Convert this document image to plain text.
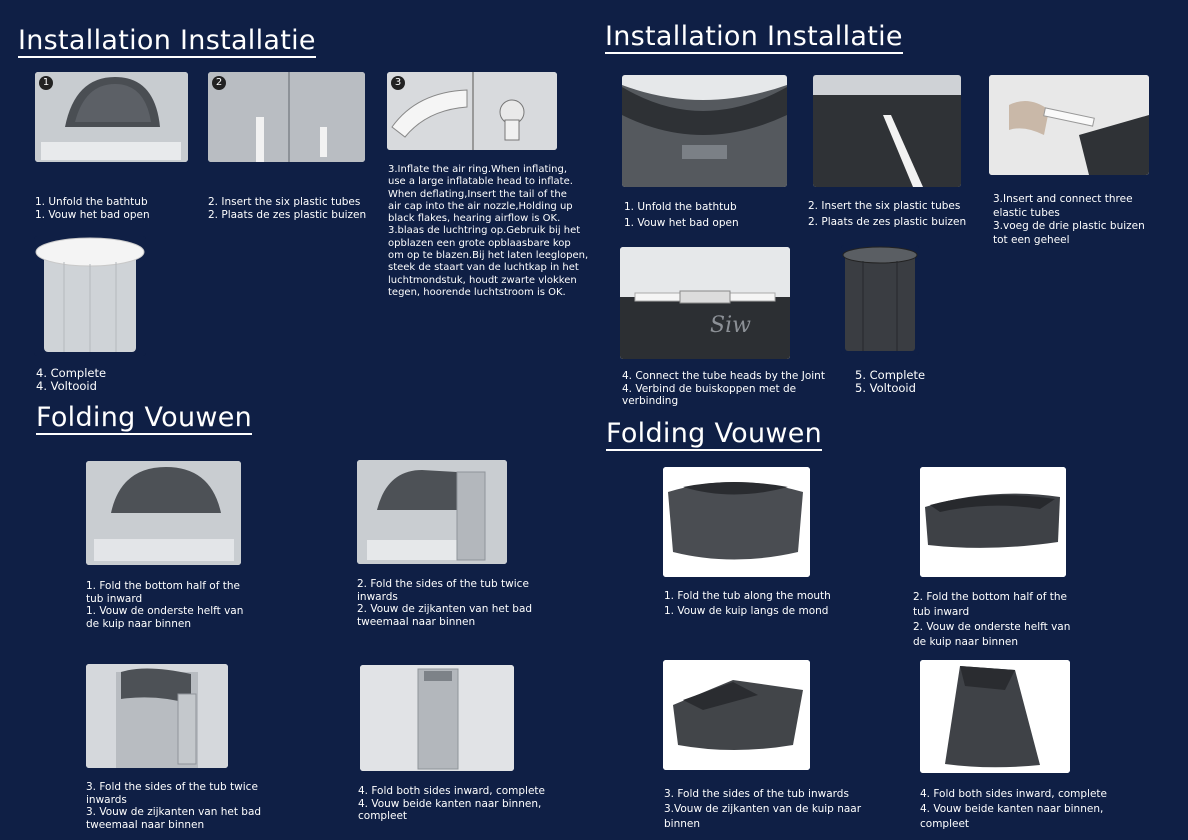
Installation Installatie
1
1. Unfold the bathtub
1. Vouw het bad open
2
2. Insert the six plastic tubes
2. Plaats de zes plastic buizen
3
3.Inflate the air ring.When inflating,
use a large inflatable head to inflate.
When deflating,Insert the tail of the
air cap into the air nozzle,Holding up
black flakes, hearing airflow is OK.
3.blaas de luchtring op.Gebruik bij het
opblazen een grote opblaasbare kop
om op te blazen.Bij het laten leeglopen,
steek de staart van de luchtkap in het
luchtmondstuk, houdt zwarte vlokken
tegen, hoorende luchtstroom is OK.
4. Complete
4. Voltooid
Folding Vouwen
1. Fold the bottom half of the
tub inward
1. Vouw de onderste helft van
de kuip naar binnen
2. Fold the sides of the tub twice
inwards
2. Vouw de zijkanten van het bad
tweemaal naar binnen
3. Fold the sides of the tub twice
inwards
3. Vouw de zijkanten van het bad
tweemaal naar binnen
4. Fold both sides inward, complete
4. Vouw beide kanten naar binnen,
compleet
Installation Installatie
1. Unfold the bathtub
1. Vouw het bad open
2. Insert the six plastic tubes
2. Plaats de zes plastic buizen
3.Insert and connect three
elastic tubes
3.voeg de drie plastic buizen
tot een geheel
Siw
4. Connect the tube heads by the Joint
4. Verbind de buiskoppen met de
verbinding
5. Complete
5. Voltooid
Folding Vouwen
1. Fold the tub along the mouth
1. Vouw de kuip langs de mond
2. Fold the bottom half of the
tub inward
2. Vouw de onderste helft van
de kuip naar binnen
3. Fold the sides of the tub inwards
3.Vouw de zijkanten van de kuip naar
binnen
4. Fold both sides inward, complete
4. Vouw beide kanten naar binnen,
compleet
